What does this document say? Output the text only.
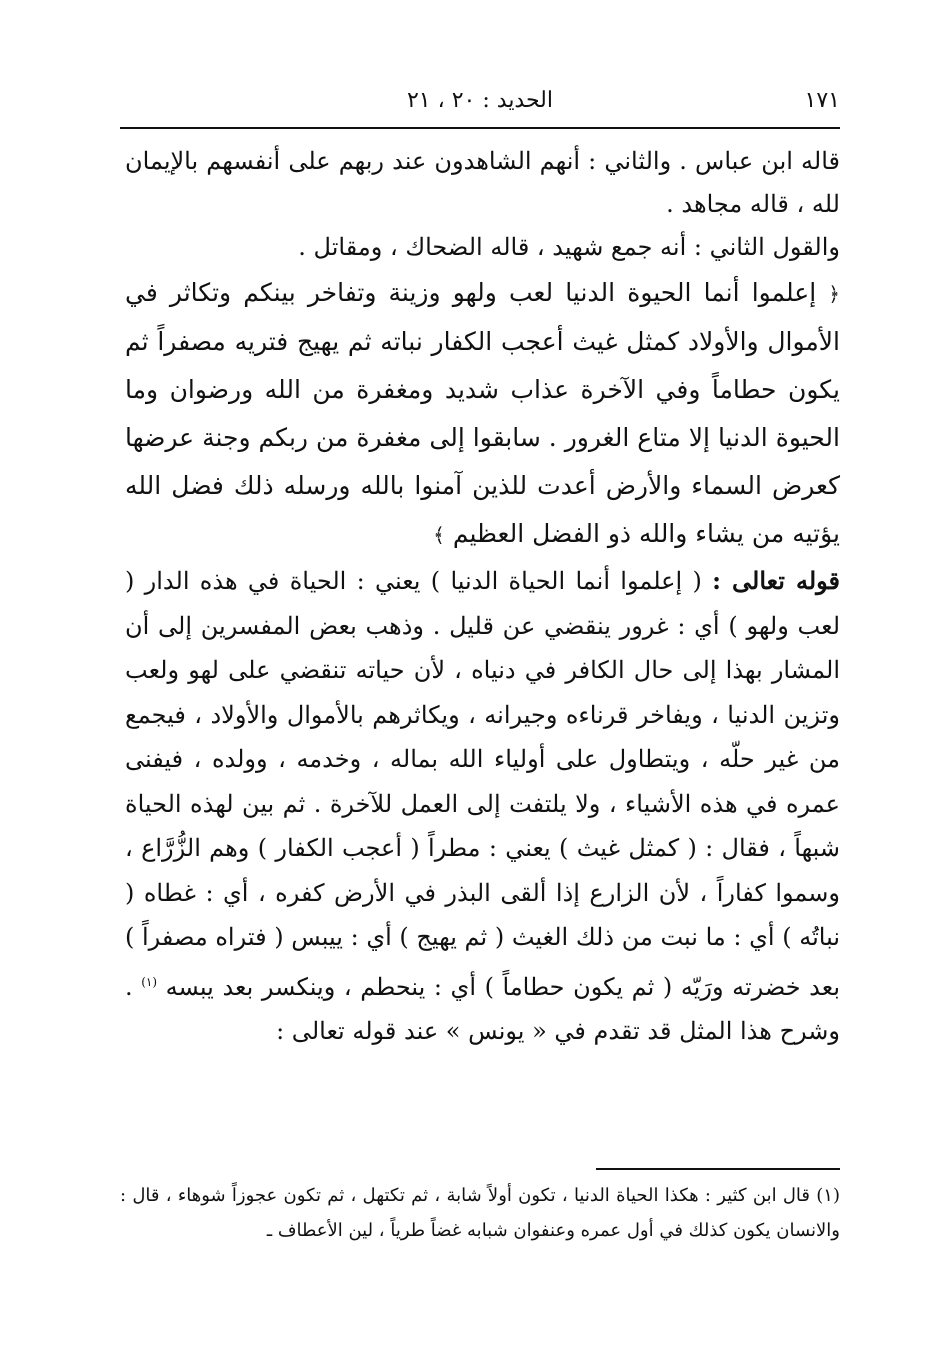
١٧١
الحديد : ٢٠ ، ٢١

قاله ابن عباس . والثاني : أنهم الشاهدون عند ربهم على أنفسهم بالإيمان لله ، قاله مجاهد .

والقول الثاني : أنه جمع شهيد ، قاله الضحاك ، ومقاتل .

﴿ إعلموا أنما الحيوة الدنيا لعب ولهو وزينة وتفاخر بينكم وتكاثر في الأموال والأولاد كمثل غيث أعجب الكفار نباته ثم يهيج فتريه مصفراً ثم يكون حطاماً وفي الآخرة عذاب شديد ومغفرة من الله ورضوان وما الحيوة الدنيا إلا متاع الغرور . سابقوا إلى مغفرة من ربكم وجنة عرضها كعرض السماء والأرض أعدت للذين آمنوا بالله ورسله ذلك فضل الله يؤتيه من يشاء والله ذو الفضل العظيم ﴾

قوله تعالى : ( إعلموا أنما الحياة الدنيا ) يعني : الحياة في هذه الدار ( لعب ولهو ) أي : غرور ينقضي عن قليل . وذهب بعض المفسرين إلى أن المشار بهذا إلى حال الكافر في دنياه ، لأن حياته تنقضي على لهو ولعب وتزين الدنيا ، ويفاخر قرناءه وجيرانه ، ويكاثرهم بالأموال والأولاد ، فيجمع من غير حلّه ، ويتطاول على أولياء الله بماله ، وخدمه ، وولده ، فيفنى عمره في هذه الأشياء ، ولا يلتفت إلى العمل للآخرة . ثم بين لهذه الحياة شبهاً ، فقال : ( كمثل غيث ) يعني : مطراً ( أعجب الكفار ) وهم الزُّرَّاع ، وسموا كفاراً ، لأن الزارع إذا ألقى البذر في الأرض كفره ، أي : غطاه ( نباتُه ) أي : ما نبت من ذلك الغيث ( ثم يهيج ) أي : ييبس ( فتراه مصفراً ) بعد خضرته ورَيّه ( ثم يكون حطاماً ) أي : ينحطم ، وينكسر بعد يبسه $^{(١)}$ . وشرح هذا المثل قد تقدم في « يونس » عند قوله تعالى :

(١) قال ابن كثير : هكذا الحياة الدنيا ، تكون أولاً شابة ، ثم تكتهل ، ثم تكون عجوزاً شوهاء ، قال : والانسان يكون كذلك في أول عمره وعنفوان شبابه غضاً طرياً ، لين الأعطاف ـ
